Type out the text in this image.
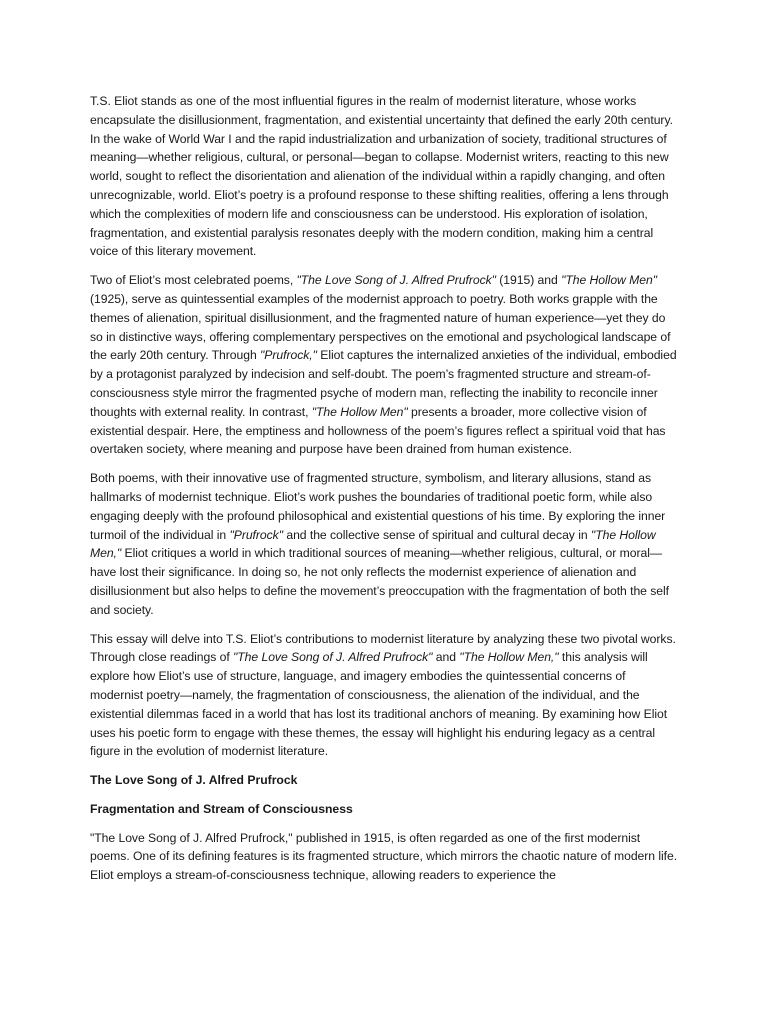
T.S. Eliot stands as one of the most influential figures in the realm of modernist literature, whose works encapsulate the disillusionment, fragmentation, and existential uncertainty that defined the early 20th century. In the wake of World War I and the rapid industrialization and urbanization of society, traditional structures of meaning—whether religious, cultural, or personal—began to collapse. Modernist writers, reacting to this new world, sought to reflect the disorientation and alienation of the individual within a rapidly changing, and often unrecognizable, world. Eliot’s poetry is a profound response to these shifting realities, offering a lens through which the complexities of modern life and consciousness can be understood. His exploration of isolation, fragmentation, and existential paralysis resonates deeply with the modern condition, making him a central voice of this literary movement.

Two of Eliot’s most celebrated poems, "The Love Song of J. Alfred Prufrock" (1915) and "The Hollow Men" (1925), serve as quintessential examples of the modernist approach to poetry. Both works grapple with the themes of alienation, spiritual disillusionment, and the fragmented nature of human experience—yet they do so in distinctive ways, offering complementary perspectives on the emotional and psychological landscape of the early 20th century. Through "Prufrock," Eliot captures the internalized anxieties of the individual, embodied by a protagonist paralyzed by indecision and self-doubt. The poem’s fragmented structure and stream-of-consciousness style mirror the fragmented psyche of modern man, reflecting the inability to reconcile inner thoughts with external reality. In contrast, "The Hollow Men" presents a broader, more collective vision of existential despair. Here, the emptiness and hollowness of the poem’s figures reflect a spiritual void that has overtaken society, where meaning and purpose have been drained from human existence.

Both poems, with their innovative use of fragmented structure, symbolism, and literary allusions, stand as hallmarks of modernist technique. Eliot’s work pushes the boundaries of traditional poetic form, while also engaging deeply with the profound philosophical and existential questions of his time. By exploring the inner turmoil of the individual in "Prufrock" and the collective sense of spiritual and cultural decay in "The Hollow Men," Eliot critiques a world in which traditional sources of meaning—whether religious, cultural, or moral—have lost their significance. In doing so, he not only reflects the modernist experience of alienation and disillusionment but also helps to define the movement’s preoccupation with the fragmentation of both the self and society.

This essay will delve into T.S. Eliot’s contributions to modernist literature by analyzing these two pivotal works. Through close readings of "The Love Song of J. Alfred Prufrock" and "The Hollow Men," this analysis will explore how Eliot’s use of structure, language, and imagery embodies the quintessential concerns of modernist poetry—namely, the fragmentation of consciousness, the alienation of the individual, and the existential dilemmas faced in a world that has lost its traditional anchors of meaning. By examining how Eliot uses his poetic form to engage with these themes, the essay will highlight his enduring legacy as a central figure in the evolution of modernist literature.

The Love Song of J. Alfred Prufrock

Fragmentation and Stream of Consciousness

"The Love Song of J. Alfred Prufrock," published in 1915, is often regarded as one of the first modernist poems. One of its defining features is its fragmented structure, which mirrors the chaotic nature of modern life. Eliot employs a stream-of-consciousness technique, allowing readers to experience the
